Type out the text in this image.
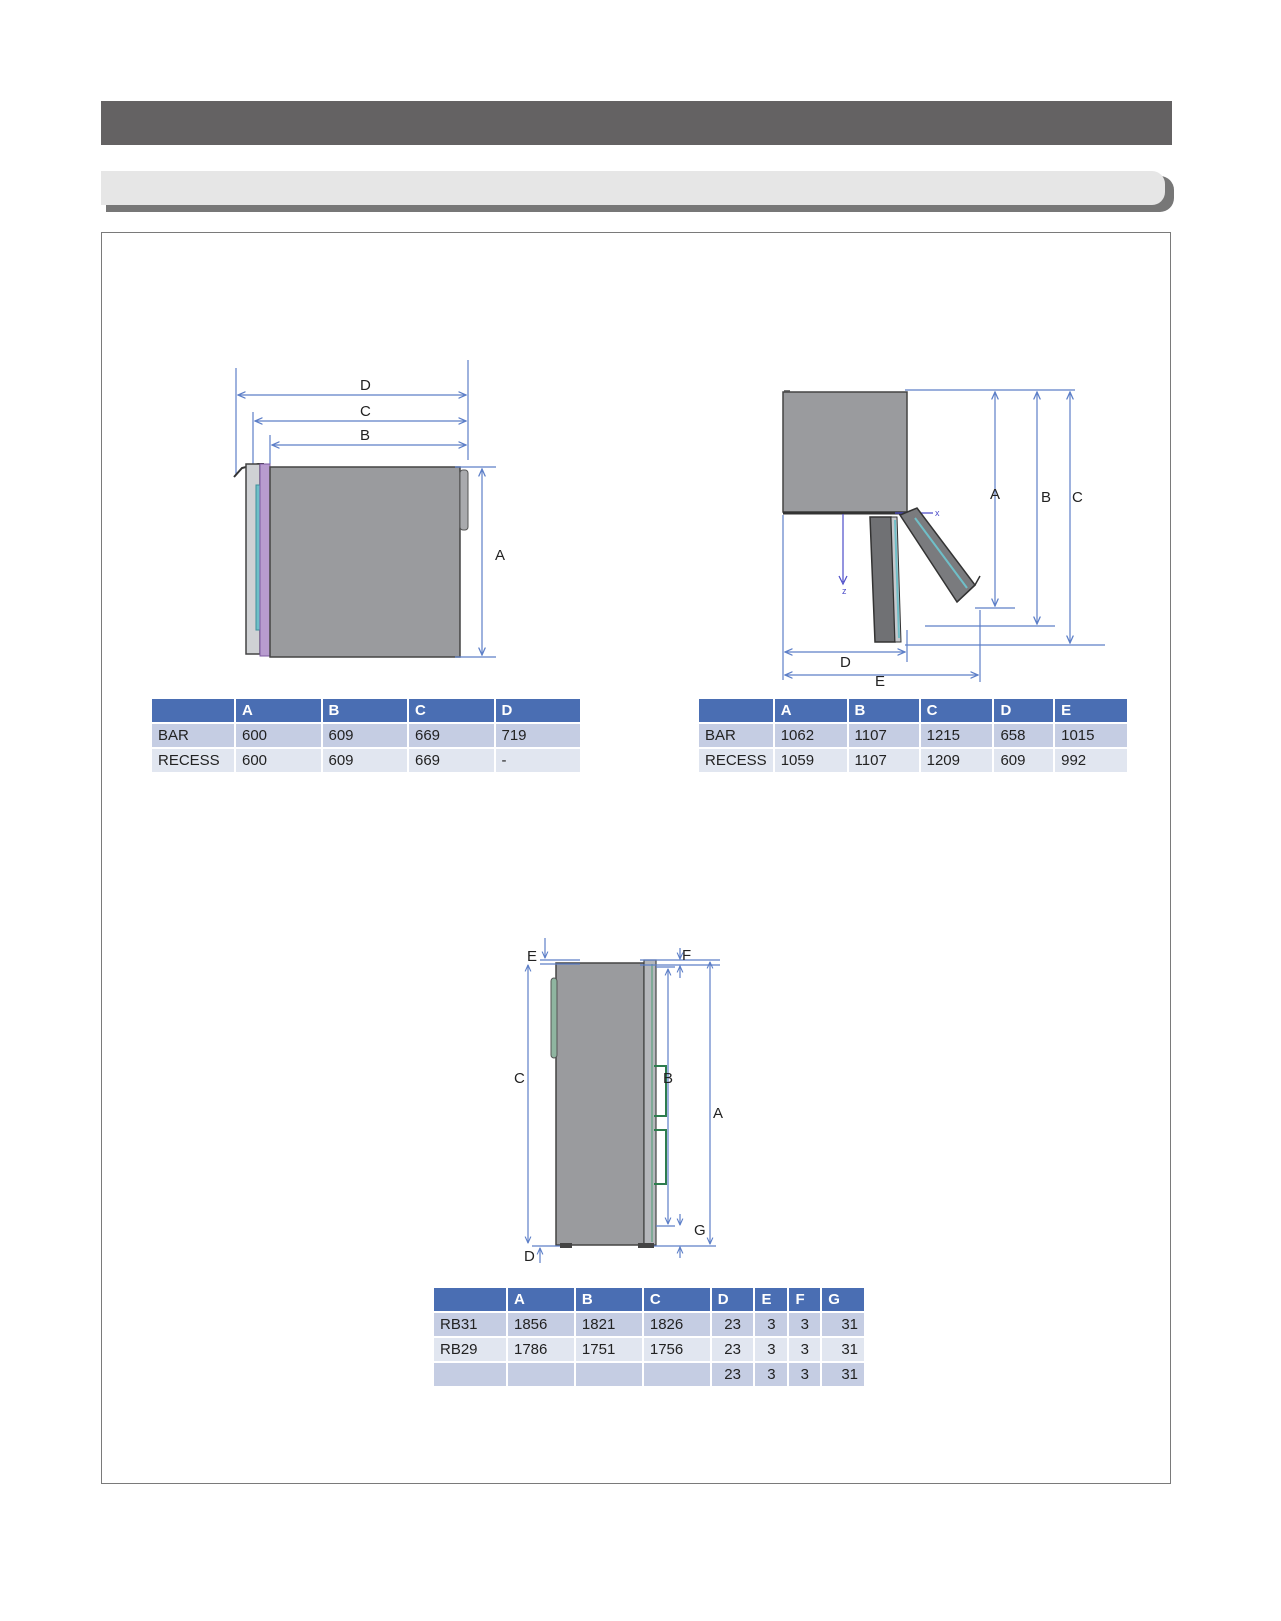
D
C
B
A
	A	B	C	D
BAR	600	609	669	719
RECESS	600	609	669	-
z
x
A	B C
D
E
	A	B	C	D	E
BAR	1062	1107	1215	658	1015
RECESS	1059	1107	1209	609	992
E	F
C	B
A
G
D
	A	B	C	D	E	F	G
RB31	1856	1821	1826	23	3	3	31
RB29	1786	1751	1756	23	3	3	31
				23	3	3	31
